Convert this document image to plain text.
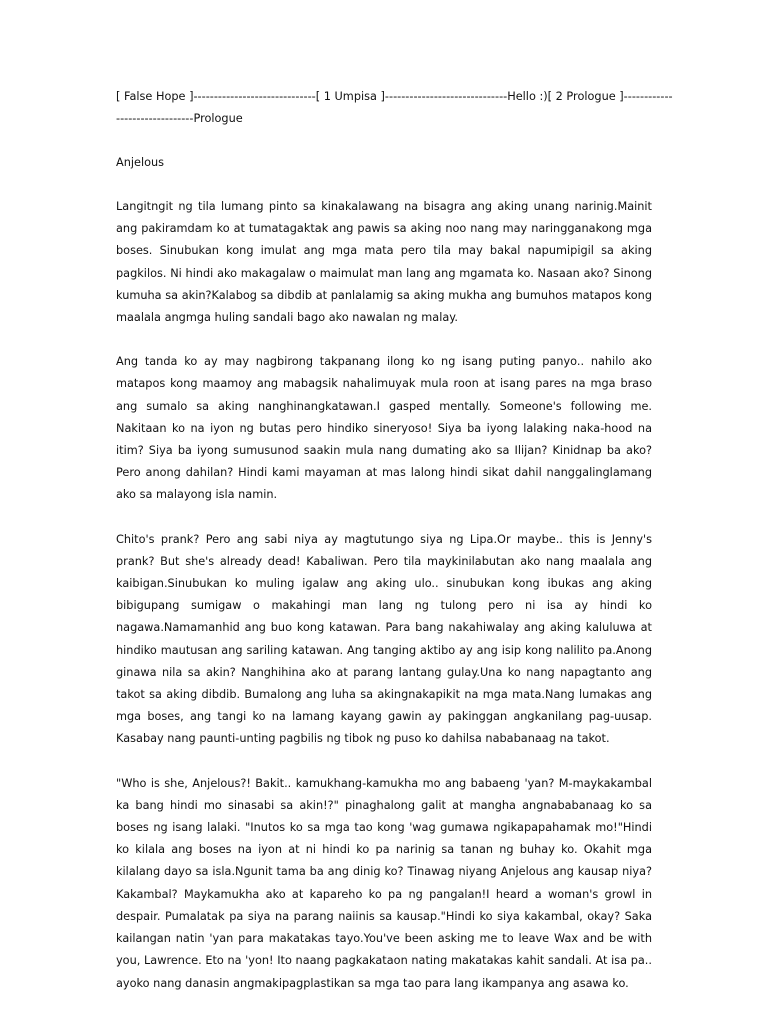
[ False Hope ]------------------------------[ 1 Umpisa ]------------------------------Hello :)[ 2 Prologue ]------------

-------------------Prologue

Anjelous

Langitngit ng tila lumang pinto sa kinakalawang na bisagra ang aking unang narinig.Mainit ang pakiramdam ko at tumatagaktak ang pawis sa aking noo nang may naringganakong mga boses. Sinubukan kong imulat ang mga mata pero tila may bakal napumipigil sa aking pagkilos. Ni hindi ako makagalaw o maimulat man lang ang mgamata ko. Nasaan ako? Sinong kumuha sa akin?Kalabog sa dibdib at panlalamig sa aking mukha ang bumuhos matapos kong maalala angmga huling sandali bago ako nawalan ng malay.

Ang tanda ko ay may nagbirong takpanang ilong ko ng isang puting panyo.. nahilo ako matapos kong maamoy ang mabagsik nahalimuyak mula roon at isang pares na mga braso ang sumalo sa aking nanghinangkatawan.I gasped mentally. Someone's following me. Nakitaan ko na iyon ng butas pero hindiko sineryoso! Siya ba iyong lalaking naka-hood na itim? Siya ba iyong sumusunod saakin mula nang dumating ako sa Ilijan? Kinidnap ba ako?Pero anong dahilan? Hindi kami mayaman at mas lalong hindi sikat dahil nanggalinglamang ako sa malayong isla namin.

Chito's prank? Pero ang sabi niya ay magtutungo siya ng Lipa.Or maybe.. this is Jenny's prank? But she's already dead! Kabaliwan. Pero tila maykinilabutan ako nang maalala ang kaibigan.Sinubukan ko muling igalaw ang aking ulo.. sinubukan kong ibukas ang aking bibigupang sumigaw o makahingi man lang ng tulong pero ni isa ay hindi ko nagawa.Namamanhid ang buo kong katawan. Para bang nakahiwalay ang aking kaluluwa at hindiko mautusan ang sariling katawan. Ang tanging aktibo ay ang isip kong nalilito pa.Anong ginawa nila sa akin? Nanghihina ako at parang lantang gulay.Una ko nang napagtanto ang takot sa aking dibdib. Bumalong ang luha sa akingnakapikit na mga mata.Nang lumakas ang mga boses, ang tangi ko na lamang kayang gawin ay pakinggan angkanilang pag-uusap. Kasabay nang paunti-unting pagbilis ng tibok ng puso ko dahilsa nababanaag na takot.

"Who is she, Anjelous?! Bakit.. kamukhang-kamukha mo ang babaeng 'yan? M-maykakambal ka bang hindi mo sinasabi sa akin!?" pinaghalong galit at mangha angnababanaag ko sa boses ng isang lalaki. "Inutos ko sa mga tao kong 'wag gumawa ngikapapahamak mo!"Hindi ko kilala ang boses na iyon at ni hindi ko pa narinig sa tanan ng buhay ko. Okahit mga kilalang dayo sa isla.Ngunit tama ba ang dinig ko? Tinawag niyang Anjelous ang kausap niya? Kakambal? Maykamukha ako at kapareho ko pa ng pangalan!I heard a woman's growl in despair. Pumalatak pa siya na parang naiinis sa kausap."Hindi ko siya kakambal, okay? Saka kailangan natin 'yan para makatakas tayo.You've been asking me to leave Wax and be with you, Lawrence. Eto na 'yon! Ito naang pagkakataon nating makatakas kahit sandali. At isa pa.. ayoko nang danasin angmakipagplastikan sa mga tao para lang ikampanya ang asawa ko.
